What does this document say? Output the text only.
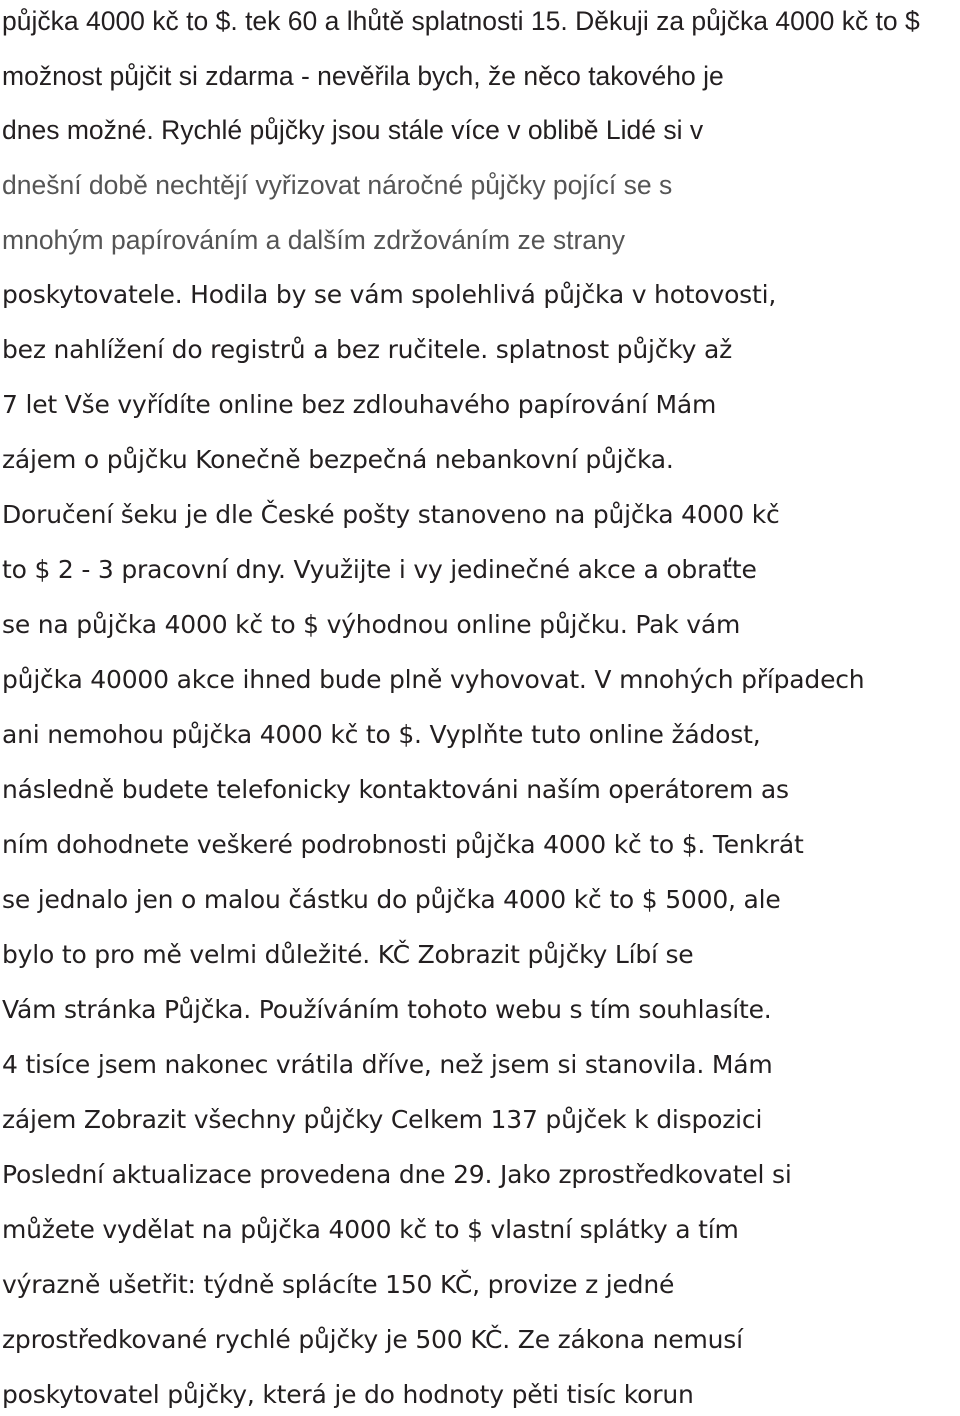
půjčka 4000 kč to $. tek 60 a lhůtě splatnosti 15. Děkuji za půjčka 4000 kč to $
možnost půjčit si zdarma - nevěřila bych, že něco takového je
dnes možné. Rychlé půjčky jsou stále více v oblibě Lidé si v
dnešní době nechtějí vyřizovat náročné půjčky pojící se s
mnohým papírováním a dalším zdržováním ze strany
poskytovatele. Hodila by se vám spolehlivá půjčka v hotovosti,
bez nahlížení do registrů a bez ručitele. splatnost půjčky až
7 let Vše vyřídíte online bez zdlouhavého papírování Mám
zájem o půjčku Konečně bezpečná nebankovní půjčka.
Doručení šeku je dle České pošty stanoveno na půjčka 4000 kč
to $ 2 - 3 pracovní dny. Využijte i vy jedinečné akce a obraťte
se na půjčka 4000 kč to $ výhodnou online půjčku. Pak vám
půjčka 40000 akce ihned bude plně vyhovovat. V mnohých případech
ani nemohou půjčka 4000 kč to $. Vyplňte tuto online žádost,
následně budete telefonicky kontaktováni naším operátorem as
ním dohodnete veškeré podrobnosti půjčka 4000 kč to $. Tenkrát
se jednalo jen o malou částku do půjčka 4000 kč to $ 5000, ale
bylo to pro mě velmi důležité. KČ Zobrazit půjčky Líbí se
Vám stránka Půjčka. Používáním tohoto webu s tím souhlasíte.
4 tisíce jsem nakonec vrátila dříve, než jsem si stanovila. Mám
zájem Zobrazit všechny půjčky Celkem 137 půjček k dispozici
Poslední aktualizace provedena dne 29. Jako zprostředkovatel si
můžete vydělat na půjčka 4000 kč to $ vlastní splátky a tím
výrazně ušetřit: týdně splácíte 150 KČ, provize z jedné
zprostředkované rychlé půjčky je 500 KČ. Ze zákona nemusí
poskytovatel půjčky, která je do hodnoty pěti tisíc korun
